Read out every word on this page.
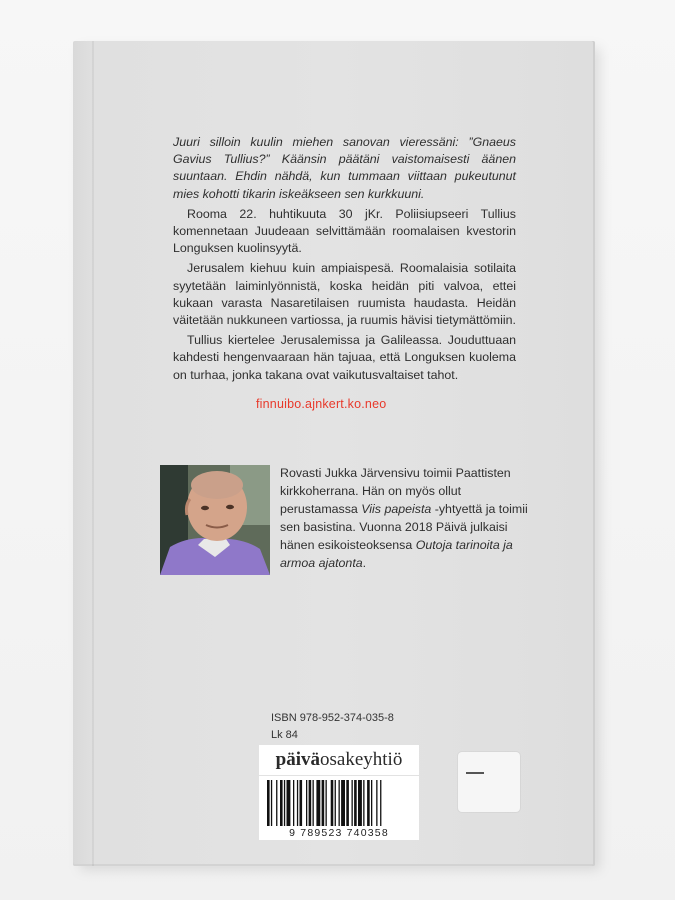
Juuri silloin kuulin miehen sanovan vieressäni: ”Gnaeus Gavius Tullius?” Käänsin päätäni vaistomaisesti äänen suuntaan. Ehdin nähdä, kun tummaan viittaan pukeutunut mies kohotti tikarin iskeäkseen sen kurkkuuni.

Rooma 22. huhtikuuta 30 jKr. Poliisiupseeri Tullius komennetaan Juudeaan selvittämään roomalaisen kvestorin Longuksen kuolinsyytä.

Jerusalem kiehuu kuin ampiaispesä. Roomalaisia sotilaita syytetään laiminlyönnistä, koska heidän piti valvoa, ettei kukaan varasta Nasaretilaisen ruumista haudasta. Heidän väitetään nukkuneen vartiossa, ja ruumis hävisi tietymättömiin.

Tullius kiertelee Jerusalemissa ja Galileassa. Jouduttuaan kahdesti hengenvaaraan hän tajuaa, että Longuksen kuolema on turhaa, jonka takana ovat vaikutusvaltaiset tahot.

finnuibo.ajnkert.ko.neo
Rovasti Jukka Järvensivu toimii Paattisten kirkkoherrana. Hän on myös ollut perustamassa Viis papeista -yhtyettä ja toimii sen basistina. Vuonna 2018 Päivä julkaisi hänen esikoisteoksensa Outoja tarinoita ja armoa ajatonta.
ISBN 978-952-374-035-8
Lk 84
päiväosakeyhtiö
9 789523 740358
